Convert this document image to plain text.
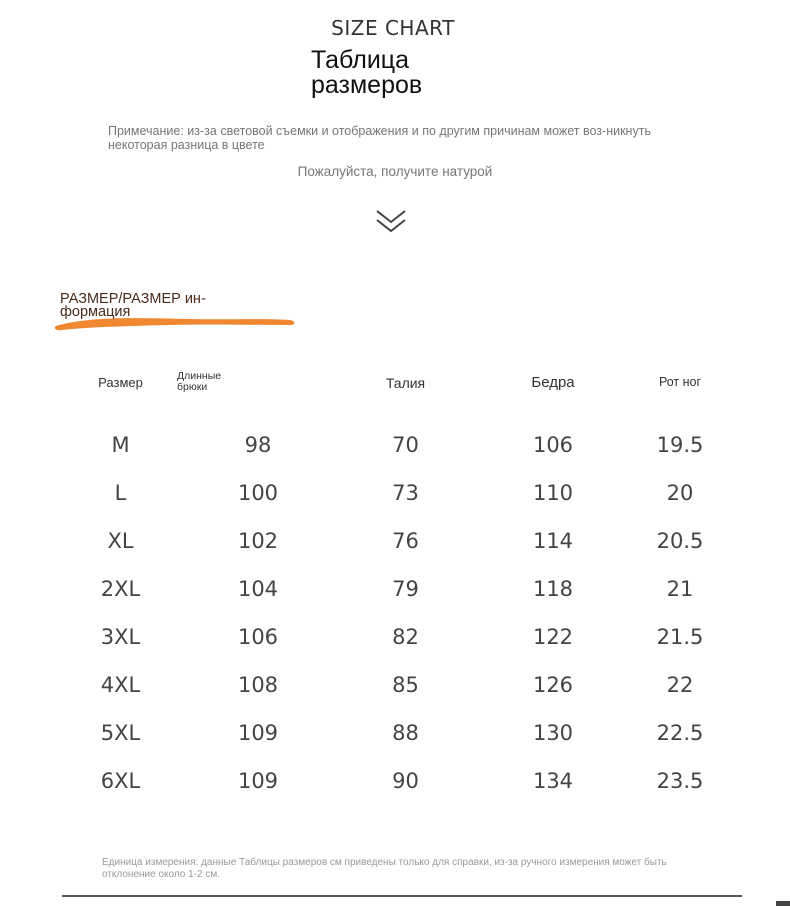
SIZE CHART
Таблица размеров
Примечание: из-за световой съемки и отображения и по другим причинам может воз-никнуть некоторая разница в цвете
Пожалуйста, получите натурой
РАЗМЕР/РАЗМЕР ин-формация
Размер	Длинные брюки	Талия	Бедра	Рот ног

M	98	70	106	19.5
L	100	73	110	20
XL	102	76	114	20.5
2XL	104	79	118	21
3XL	106	82	122	21.5
4XL	108	85	126	22
5XL	109	88	130	22.5
6XL	109	90	134	23.5
Единица измерения: данные Таблицы размеров см приведены только для справки, из-за ручного измерения может быть отклонение около 1-2 см.
